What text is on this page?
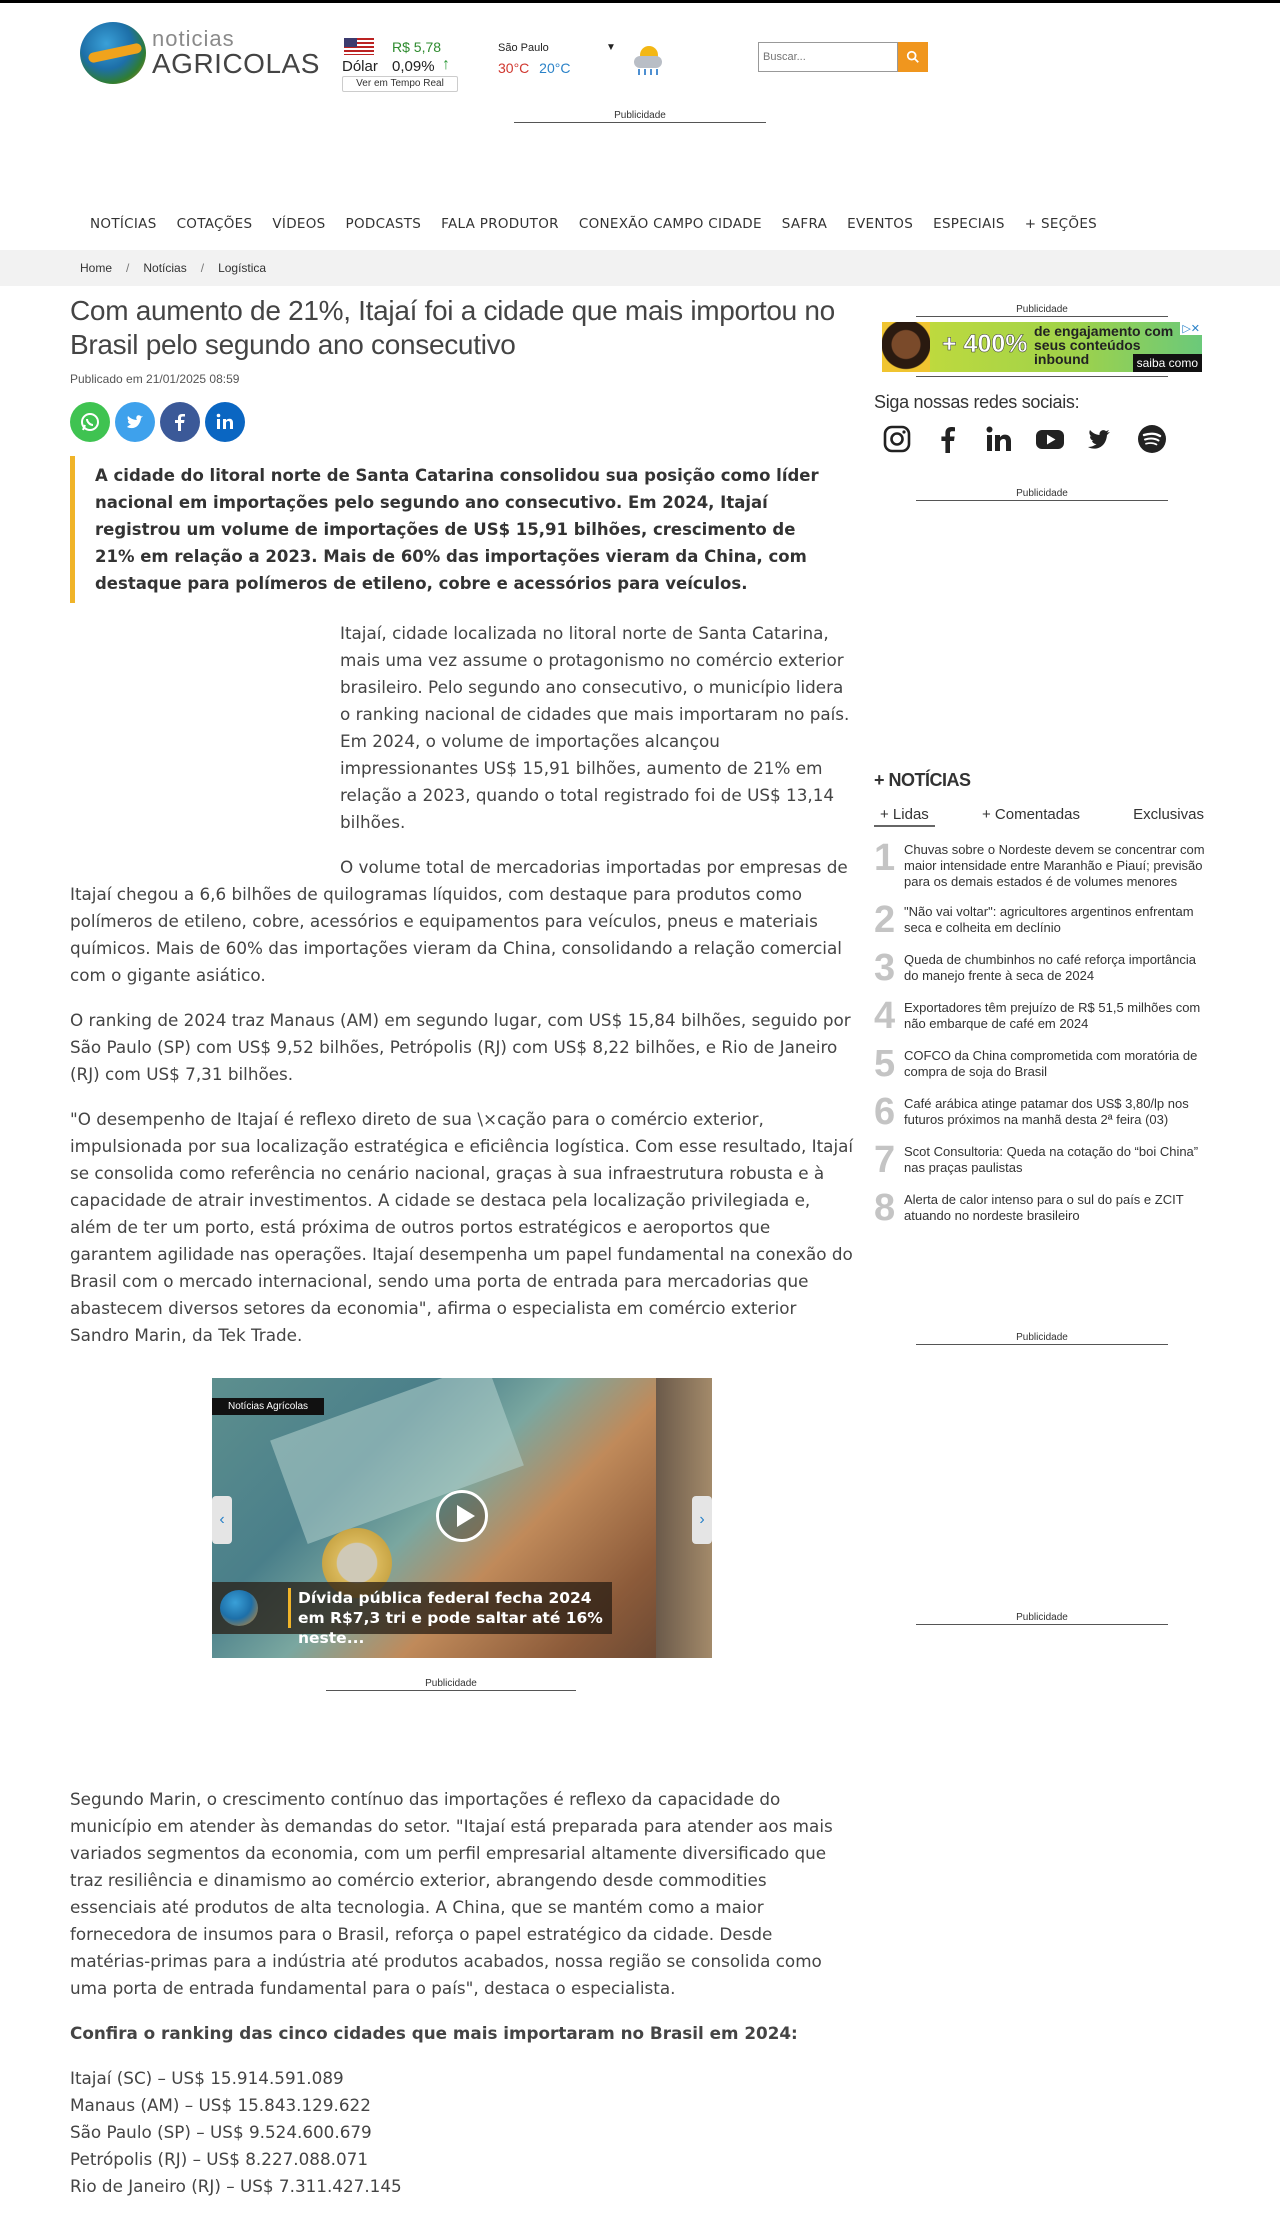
noticias
AGRICOLAS
R$ 5,78
Dólar 0,09% ↑
Ver em Tempo Real
São Paulo	▼
30°C 20°C
Buscar...
Publicidade
NOTÍCIAS COTAÇÕES VÍDEOS PODCASTS FALA PRODUTOR CONEXÃO CAMPO CIDADE SAFRA EVENTOS ESPECIAIS + SEÇÕES
Home / Notícias / Logística
Com aumento de 21%, Itajaí foi a cidade que mais importou no Brasil pelo segundo ano consecutivo
Publicado em 21/01/2025 08:59
A cidade do litoral norte de Santa Catarina consolidou sua posição como líder nacional em importações pelo segundo ano consecutivo. Em 2024, Itajaí registrou um volume de importações de US$ 15,91 bilhões, crescimento de 21% em relação a 2023. Mais de 60% das importações vieram da China, com destaque para polímeros de etileno, cobre e acessórios para veículos.

Itajaí, cidade localizada no litoral norte de Santa Catarina, mais uma vez assume o protagonismo no comércio exterior brasileiro. Pelo segundo ano consecutivo, o município lidera o ranking nacional de cidades que mais importaram no país. Em 2024, o volume de importações alcançou impressionantes US$ 15,91 bilhões, aumento de 21% em relação a 2023, quando o total registrado foi de US$ 13,14 bilhões.

O volume total de mercadorias importadas por empresas de Itajaí chegou a 6,6 bilhões de quilogramas líquidos, com destaque para produtos como polímeros de etileno, cobre, acessórios e equipamentos para veículos, pneus e materiais químicos. Mais de 60% das importações vieram da China, consolidando a relação comercial com o gigante asiático.

O ranking de 2024 traz Manaus (AM) em segundo lugar, com US$ 15,84 bilhões, seguido por São Paulo (SP) com US$ 9,52 bilhões, Petrópolis (RJ) com US$ 8,22 bilhões, e Rio de Janeiro (RJ) com US$ 7,31 bilhões.

"O desempenho de Itajaí é reflexo direto de sua \×cação para o comércio exterior, impulsionada por sua localização estratégica e eficiência logística. Com esse resultado, Itajaí se consolida como referência no cenário nacional, graças à sua infraestrutura robusta e à capacidade de atrair investimentos. A cidade se destaca pela localização privilegiada e, além de ter um porto, está próxima de outros portos estratégicos e aeroportos que garantem agilidade nas operações. Itajaí desempenha um papel fundamental na conexão do Brasil com o mercado internacional, sendo uma porta de entrada para mercadorias que abastecem diversos setores da economia", afirma o especialista em comércio exterior Sandro Marin, da Tek Trade.

Notícias Agrícolas
‹	›
Dívida pública federal fecha 2024 em R$7,3 tri e pode saltar até 16% neste...
Publicidade

Segundo Marin, o crescimento contínuo das importações é reflexo da capacidade do município em atender às demandas do setor. "Itajaí está preparada para atender aos mais variados segmentos da economia, com um perfil empresarial altamente diversificado que traz resiliência e dinamismo ao comércio exterior, abrangendo desde commodities essenciais até produtos de alta tecnologia. A China, que se mantém como a maior fornecedora de insumos para o Brasil, reforça o papel estratégico da cidade. Desde matérias-primas para a indústria até produtos acabados, nossa região se consolida como uma porta de entrada fundamental para o país", destaca o especialista.

Confira o ranking das cinco cidades que mais importaram no Brasil em 2024:

Itajaí (SC) – US$ 15.914.591.089
Manaus (AM) – US$ 15.843.129.622
São Paulo (SP) – US$ 9.524.600.679
Petrópolis (RJ) – US$ 8.227.088.071
Rio de Janeiro (RJ) – US$ 7.311.427.145
Publicidade
+ 400% de engajamento com seus conteúdos inbound
▷✕
saiba como
Siga nossas redes sociais:
Publicidade
+ NOTÍCIAS
+ Lidas	+ Comentadas	Exclusivas
1 Chuvas sobre o Nordeste devem se concentrar com maior intensidade entre Maranhão e Piauí; previsão para os demais estados é de volumes menores
2 "Não vai voltar": agricultores argentinos enfrentam seca e colheita em declínio
3 Queda de chumbinhos no café reforça importância do manejo frente à seca de 2024
4 Exportadores têm prejuízo de R$ 51,5 milhões com não embarque de café em 2024
5 COFCO da China comprometida com moratória de compra de soja do Brasil
6 Café arábica atinge patamar dos US$ 3,80/lp nos futuros próximos na manhã desta 2ª feira (03)
7 Scot Consultoria: Queda na cotação do “boi China” nas praças paulistas
8 Alerta de calor intenso para o sul do país e ZCIT atuando no nordeste brasileiro
Publicidade
Publicidade
